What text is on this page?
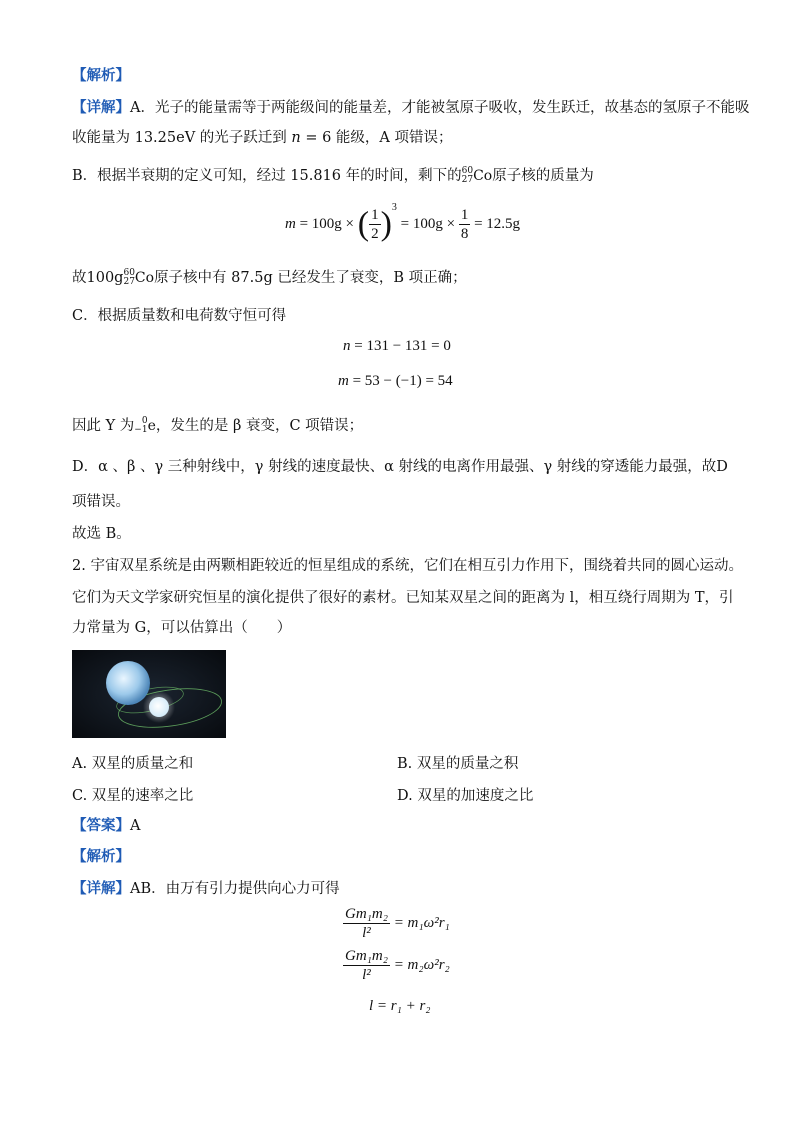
【解析】
【详解】A．光子的能量需等于两能级间的能量差，才能被氢原子吸收，发生跃迁，故基态的氢原子不能吸
收能量为 13.25eV 的光子跃迁到 n = 6 能级，A 项错误；
B．根据半衰期的定义可知，经过 15.816 年的时间，剩下的60
27Co原子核的质量为
m = 100g × ( $\frac{1}{2} )^3 = 100g \times \frac{1}{8} = 12.5g$
故100g60
27Co原子核中有 87.5g 已经发生了衰变，B 项正确；
C．根据质量数和电荷数守恒可得
n = 131 − 131 = 0
m = 53 − (−1) = 54
因此 Y 为 0
−1e，发生的是 β 衰变，C 项错误；
D．α 、β 、γ 三种射线中，γ 射线的速度最快、α 射线的电离作用最强、γ 射线的穿透能力最强，故D
项错误。
故选 B。
2. 宇宙双星系统是由两颗相距较近的恒星组成的系统，它们在相互引力作用下，围绕着共同的圆心运动。
它们为天文学家研究恒星的演化提供了很好的素材。已知某双星之间的距离为 l，相互绕行周期为 T，引
力常量为 G，可以估算出（　　）
A. 双星的质量之和	B. 双星的质量之积
C. 双星的速率之比	D. 双星的加速度之比
【答案】A
【解析】
【详解】AB．由万有引力提供向心力可得
$\frac{\text{Gm₁m₂}}{\text{l²}} = m_1\omega^2r_1$
$\frac{\text{Gm₁m₂}}{\text{l²}} = m_2\omega^2r_2$
l = r₁ + r₂
